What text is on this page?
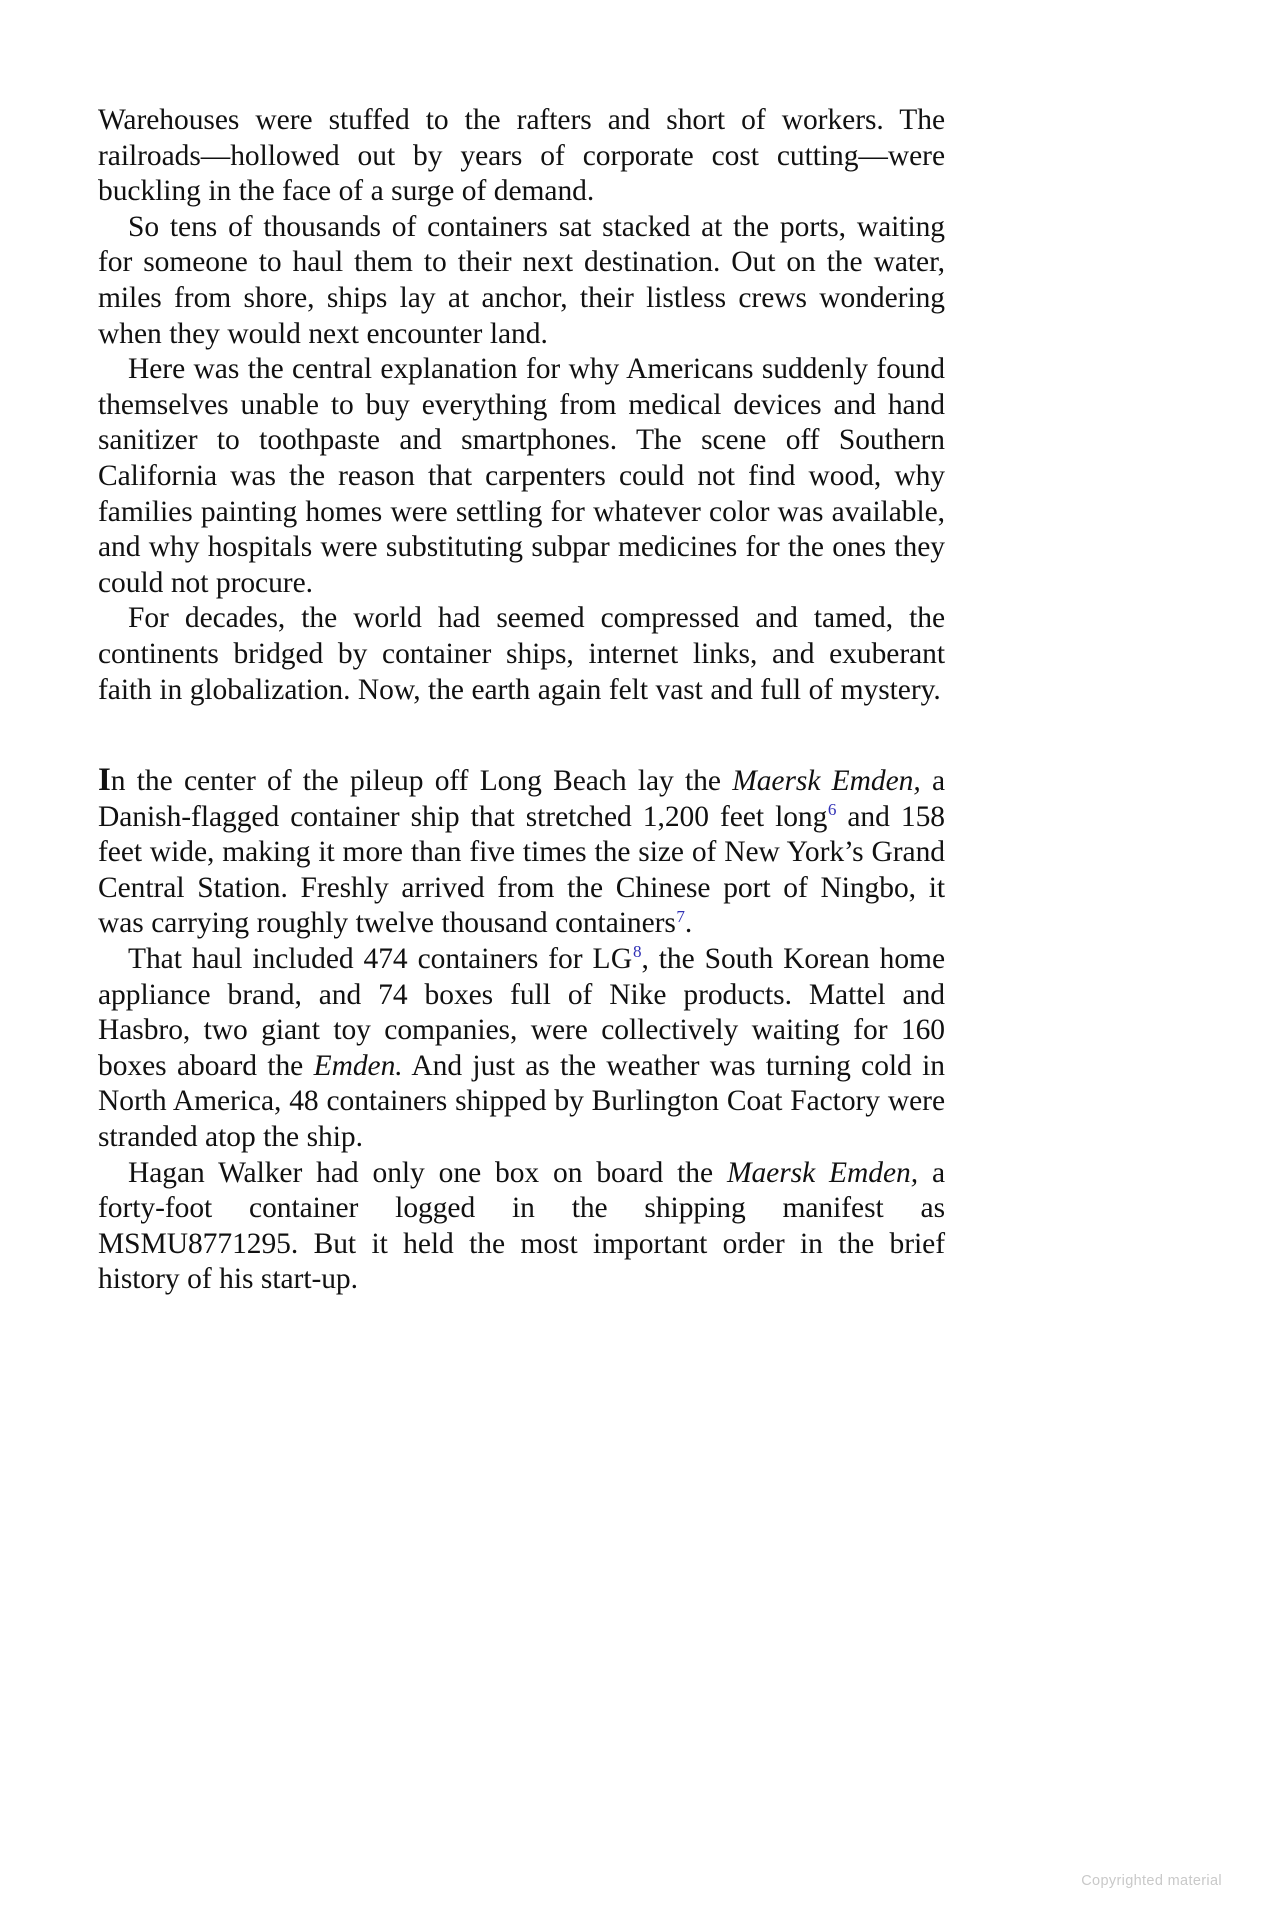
Warehouses were stuffed to the rafters and short of workers. The railroads—hollowed out by years of corporate cost cutting—were buckling in the face of a surge of demand.

So tens of thousands of containers sat stacked at the ports, waiting for someone to haul them to their next destination. Out on the water, miles from shore, ships lay at anchor, their listless crews wondering when they would next encounter land.

Here was the central explanation for why Americans suddenly found themselves unable to buy everything from medical devices and hand sanitizer to toothpaste and smartphones. The scene off Southern California was the reason that carpenters could not find wood, why families painting homes were settling for whatever color was available, and why hospitals were substituting subpar medicines for the ones they could not procure.

For decades, the world had seemed compressed and tamed, the continents bridged by container ships, internet links, and exuberant faith in globalization. Now, the earth again felt vast and full of mystery.

In the center of the pileup off Long Beach lay the Maersk Emden, a Danish-flagged container ship that stretched 1,200 feet long$^6$ and 158 feet wide, making it more than five times the size of New York’s Grand Central Station. Freshly arrived from the Chinese port of Ningbo, it was carrying roughly twelve thousand containers$^7$.

That haul included 474 containers for LG$^8$, the South Korean home appliance brand, and 74 boxes full of Nike products. Mattel and Hasbro, two giant toy companies, were collectively waiting for 160 boxes aboard the Emden. And just as the weather was turning cold in North America, 48 containers shipped by Burlington Coat Factory were stranded atop the ship.

Hagan Walker had only one box on board the Maersk Emden, a forty-foot container logged in the shipping manifest as MSMU8771295. But it held the most important order in the brief history of his start-up.

Copyrighted material
